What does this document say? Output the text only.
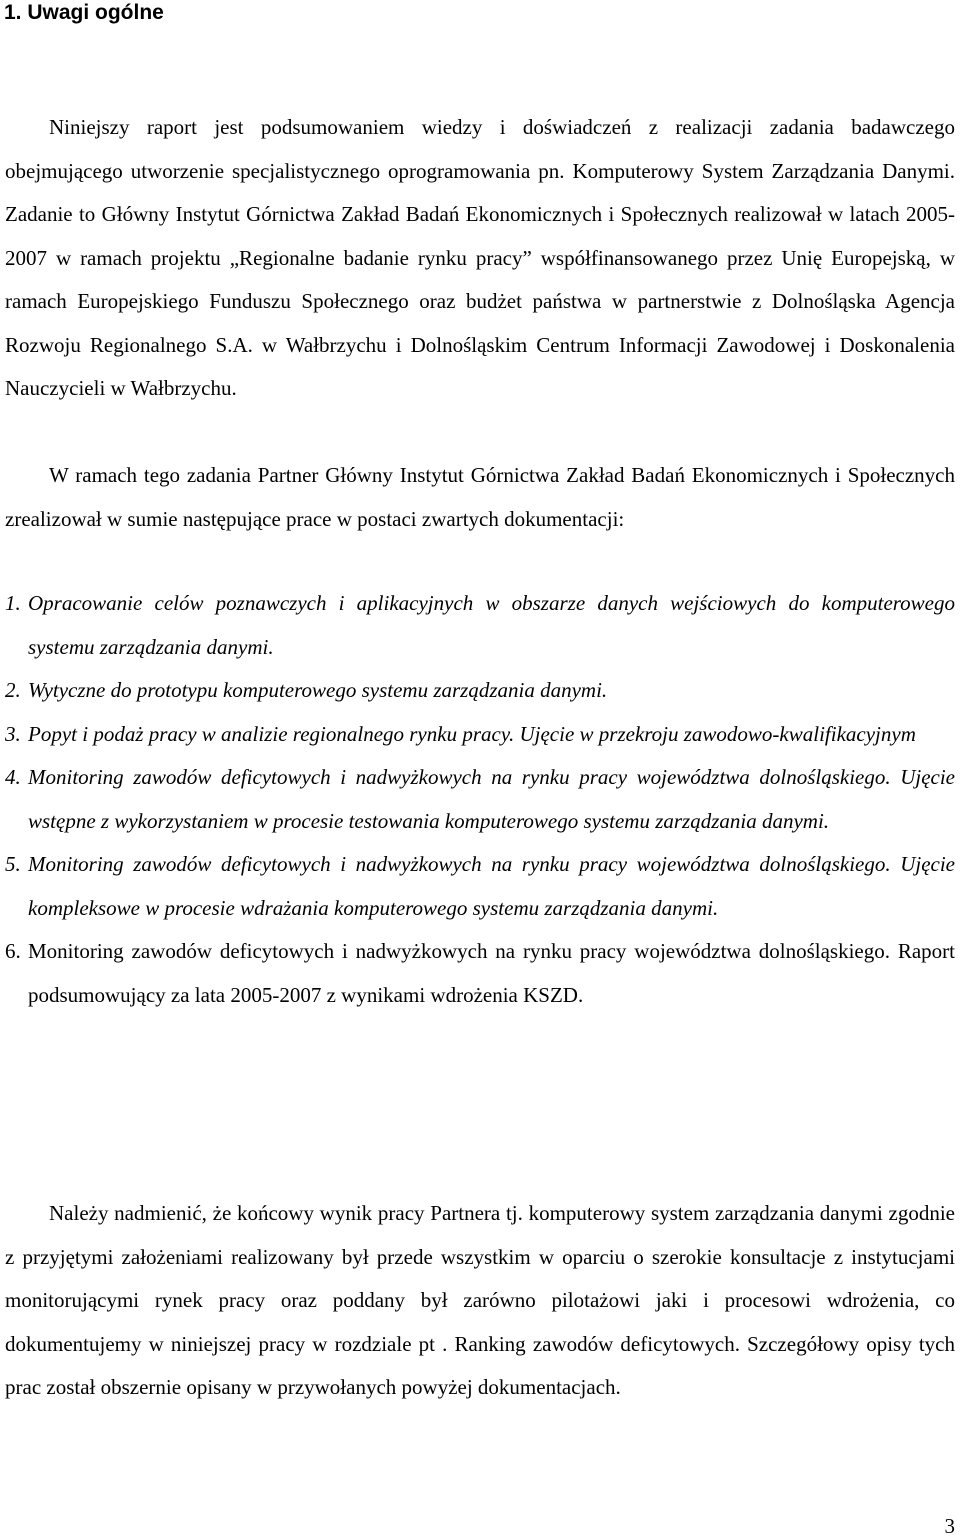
1. Uwagi ogólne

Niniejszy raport jest podsumowaniem wiedzy i doświadczeń z realizacji zadania badawczego obejmującego utworzenie specjalistycznego oprogramowania pn. Komputerowy System Zarządzania Danymi. Zadanie to Główny Instytut Górnictwa Zakład Badań Ekonomicznych i Społecznych realizował w latach 2005-2007 w ramach projektu „Regionalne badanie rynku pracy” współfinansowanego przez Unię Europejską, w ramach Europejskiego Funduszu Społecznego oraz budżet państwa w partnerstwie z Dolnośląska Agencja Rozwoju Regionalnego S.A. w Wałbrzychu i Dolnośląskim Centrum Informacji Zawodowej i Doskonalenia Nauczycieli w Wałbrzychu.

W ramach tego zadania Partner Główny Instytut Górnictwa Zakład Badań Ekonomicznych i Społecznych zrealizował w sumie następujące prace w postaci zwartych dokumentacji:

1. Opracowanie celów poznawczych i aplikacyjnych w obszarze danych wejściowych do komputerowego systemu zarządzania danymi.
2. Wytyczne do prototypu komputerowego systemu zarządzania danymi.
3. Popyt i podaż pracy w analizie regionalnego rynku pracy. Ujęcie w przekroju zawodowo-kwalifikacyjnym
4. Monitoring zawodów deficytowych i nadwyżkowych na rynku pracy województwa dolnośląskiego. Ujęcie wstępne z wykorzystaniem w procesie testowania komputerowego systemu zarządzania danymi.
5. Monitoring zawodów deficytowych i nadwyżkowych na rynku pracy województwa dolnośląskiego. Ujęcie kompleksowe w procesie wdrażania komputerowego systemu zarządzania danymi.
6. Monitoring zawodów deficytowych i nadwyżkowych na rynku pracy województwa dolnośląskiego. Raport podsumowujący za lata 2005-2007 z wynikami wdrożenia KSZD.

Należy nadmienić, że końcowy wynik pracy Partnera tj. komputerowy system zarządzania danymi zgodnie z przyjętymi założeniami realizowany był przede wszystkim w oparciu o szerokie konsultacje z instytucjami monitorującymi rynek pracy oraz poddany był zarówno pilotażowi jaki i procesowi wdrożenia, co dokumentujemy w niniejszej pracy w rozdziale pt . Ranking zawodów deficytowych. Szczegółowy opisy tych prac został obszernie opisany w przywołanych powyżej dokumentacjach.

3
